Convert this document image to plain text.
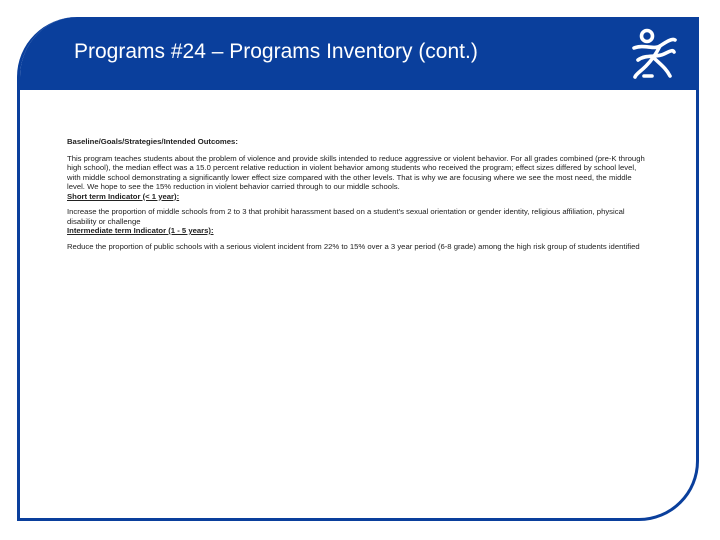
Programs #24 – Programs Inventory (cont.)

Baseline/Goals/Strategies/Intended Outcomes:

This program teaches students about the problem of violence and provide skills intended to reduce aggressive or violent behavior. For all grades combined (pre-K through high school), the median effect was a 15.0 percent relative reduction in violent behavior among students who received the program; effect sizes differed by school level, with middle school demonstrating a significantly lower effect size compared with the other levels. That is why we are focusing where we see the most need, the middle level. We hope to see the 15% reduction in violent behavior carried through to our middle schools.

Short term Indicator (< 1 year):

Increase the proportion of middle schools from 2 to 3 that prohibit harassment based on a student's sexual orientation or gender identity, religious affiliation, physical disability or challenge

Intermediate term Indicator (1 - 5 years):

Reduce the proportion of public schools with a serious violent incident from 22% to 15% over a 3 year period (6-8 grade) among the high risk group of students identified
